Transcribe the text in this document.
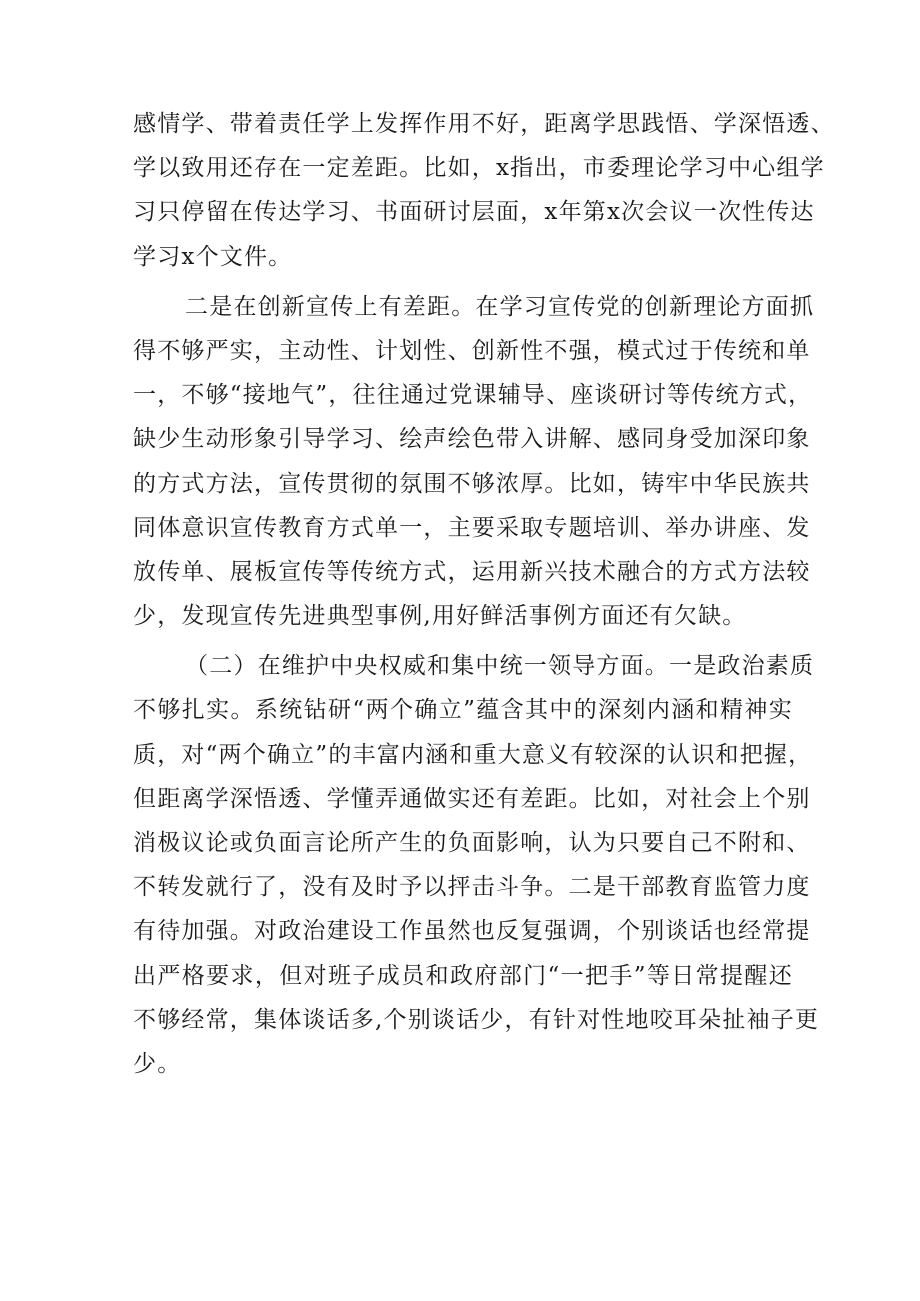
感情学、带着责任学上发挥作用不好，距离学思践悟、学深悟透、
学以致用还存在一定差距。比如，x指出，市委理论学习中心组学
习只停留在传达学习、书面研讨层面，x年第x次会议一次性传达
学习x个文件。
二是在创新宣传上有差距。在学习宣传党的创新理论方面抓
得不够严实，主动性、计划性、创新性不强，模式过于传统和单
一，不够“接地气”，往往通过党课辅导、座谈研讨等传统方式，
缺少生动形象引导学习、绘声绘色带入讲解、感同身受加深印象
的方式方法，宣传贯彻的氛围不够浓厚。比如，铸牢中华民族共
同体意识宣传教育方式单一，主要采取专题培训、举办讲座、发
放传单、展板宣传等传统方式，运用新兴技术融合的方式方法较
少，发现宣传先进典型事例,用好鲜活事例方面还有欠缺。
（二）在维护中央权威和集中统一领导方面。一是政治素质
不够扎实。系统钻研“两个确立”蕴含其中的深刻内涵和精神实
质，对“两个确立”的丰富内涵和重大意义有较深的认识和把握，
但距离学深悟透、学懂弄通做实还有差距。比如，对社会上个别
消极议论或负面言论所产生的负面影响，认为只要自己不附和、
不转发就行了，没有及时予以抨击斗争。二是干部教育监管力度
有待加强。对政治建设工作虽然也反复强调，个别谈话也经常提
出严格要求，但对班子成员和政府部门“一把手”等日常提醒还
不够经常，集体谈话多,个别谈话少，有针对性地咬耳朵扯袖子更
少。
